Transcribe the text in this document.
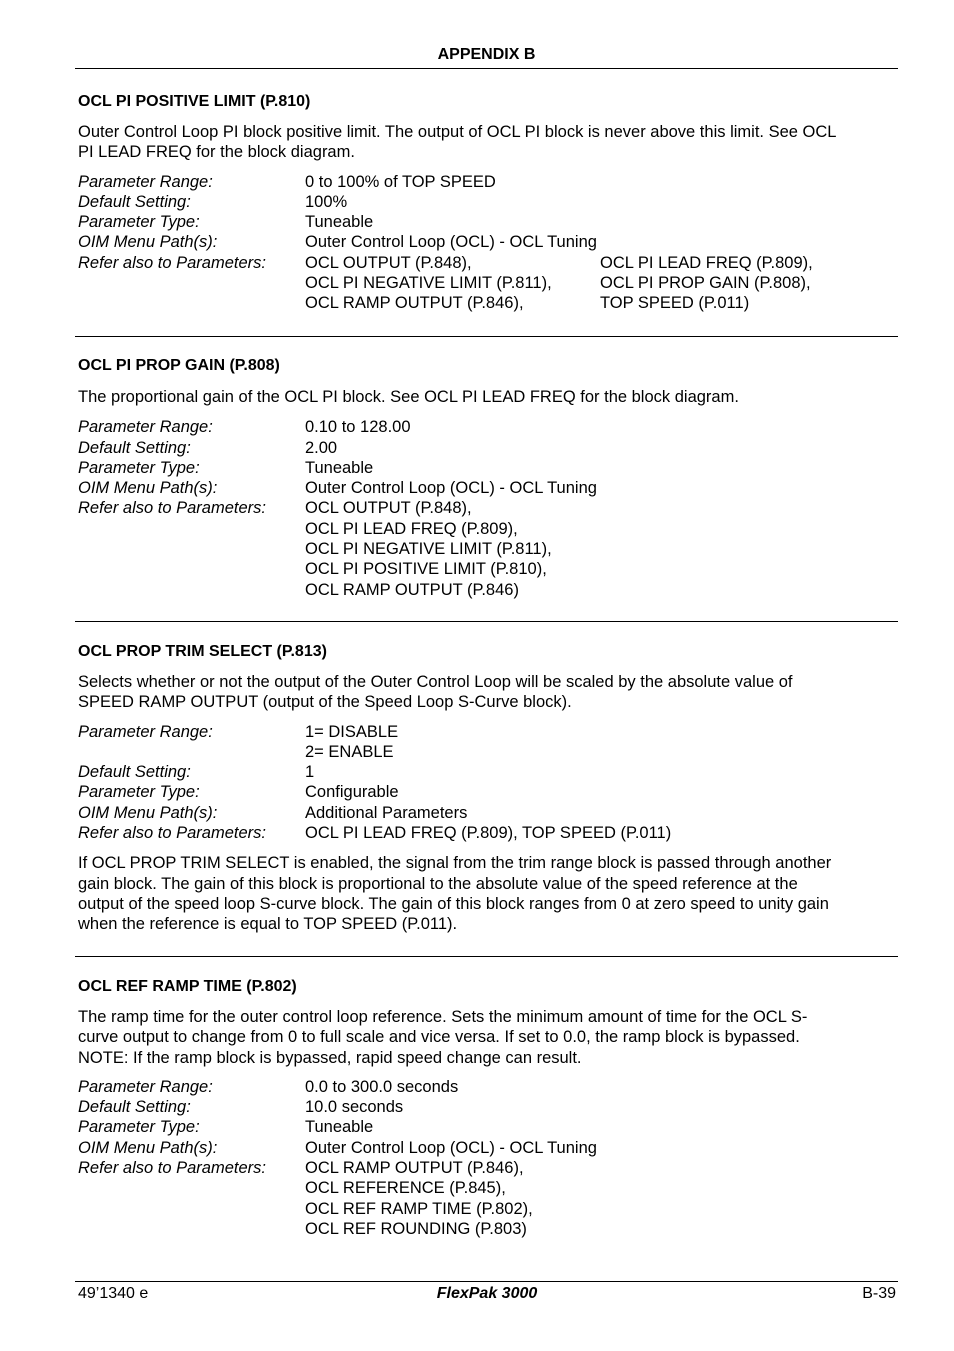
APPENDIX B
OCL PI POSITIVE LIMIT (P.810)
Outer Control Loop PI block positive limit. The output of OCL PI block is never above this limit. See OCL
PI LEAD FREQ for the block diagram.
Parameter Range:	0 to 100% of TOP SPEED
Default Setting:	100%
Parameter Type:	Tuneable
OIM Menu Path(s):	Outer Control Loop (OCL) - OCL Tuning
Refer also to Parameters:	OCL OUTPUT (P.848),	OCL PI LEAD FREQ (P.809),
OCL PI NEGATIVE LIMIT (P.811),	OCL PI PROP GAIN (P.808),
OCL RAMP OUTPUT (P.846),	TOP SPEED (P.011)
OCL PI PROP GAIN (P.808)
The proportional gain of the OCL PI block. See OCL PI LEAD FREQ for the block diagram.
Parameter Range:	0.10 to 128.00
Default Setting:	2.00
Parameter Type:	Tuneable
OIM Menu Path(s):	Outer Control Loop (OCL) - OCL Tuning
Refer also to Parameters:	OCL OUTPUT (P.848),
OCL PI LEAD FREQ (P.809),
OCL PI NEGATIVE LIMIT (P.811),
OCL PI POSITIVE LIMIT (P.810),
OCL RAMP OUTPUT (P.846)
OCL PROP TRIM SELECT (P.813)
Selects whether or not the output of the Outer Control Loop will be scaled by the absolute value of
SPEED RAMP OUTPUT (output of the Speed Loop S-Curve block).
Parameter Range:	1= DISABLE
2= ENABLE
Default Setting:	1
Parameter Type:	Configurable
OIM Menu Path(s):	Additional Parameters
Refer also to Parameters:	OCL PI LEAD FREQ (P.809), TOP SPEED (P.011)
If OCL PROP TRIM SELECT is enabled, the signal from the trim range block is passed through another
gain block. The gain of this block is proportional to the absolute value of the speed reference at the
output of the speed loop S-curve block. The gain of this block ranges from 0 at zero speed to unity gain
when the reference is equal to TOP SPEED (P.011).
OCL REF RAMP TIME (P.802)
The ramp time for the outer control loop reference. Sets the minimum amount of time for the OCL S-
curve output to change from 0 to full scale and vice versa. If set to 0.0, the ramp block is bypassed.
NOTE: If the ramp block is bypassed, rapid speed change can result.
Parameter Range:	0.0 to 300.0 seconds
Default Setting:	10.0 seconds
Parameter Type:	Tuneable
OIM Menu Path(s):	Outer Control Loop (OCL) - OCL Tuning
Refer also to Parameters:	OCL RAMP OUTPUT (P.846),
OCL REFERENCE (P.845),
OCL REF RAMP TIME (P.802),
OCL REF ROUNDING (P.803)
49’1340 e	FlexPak 3000	B-39
